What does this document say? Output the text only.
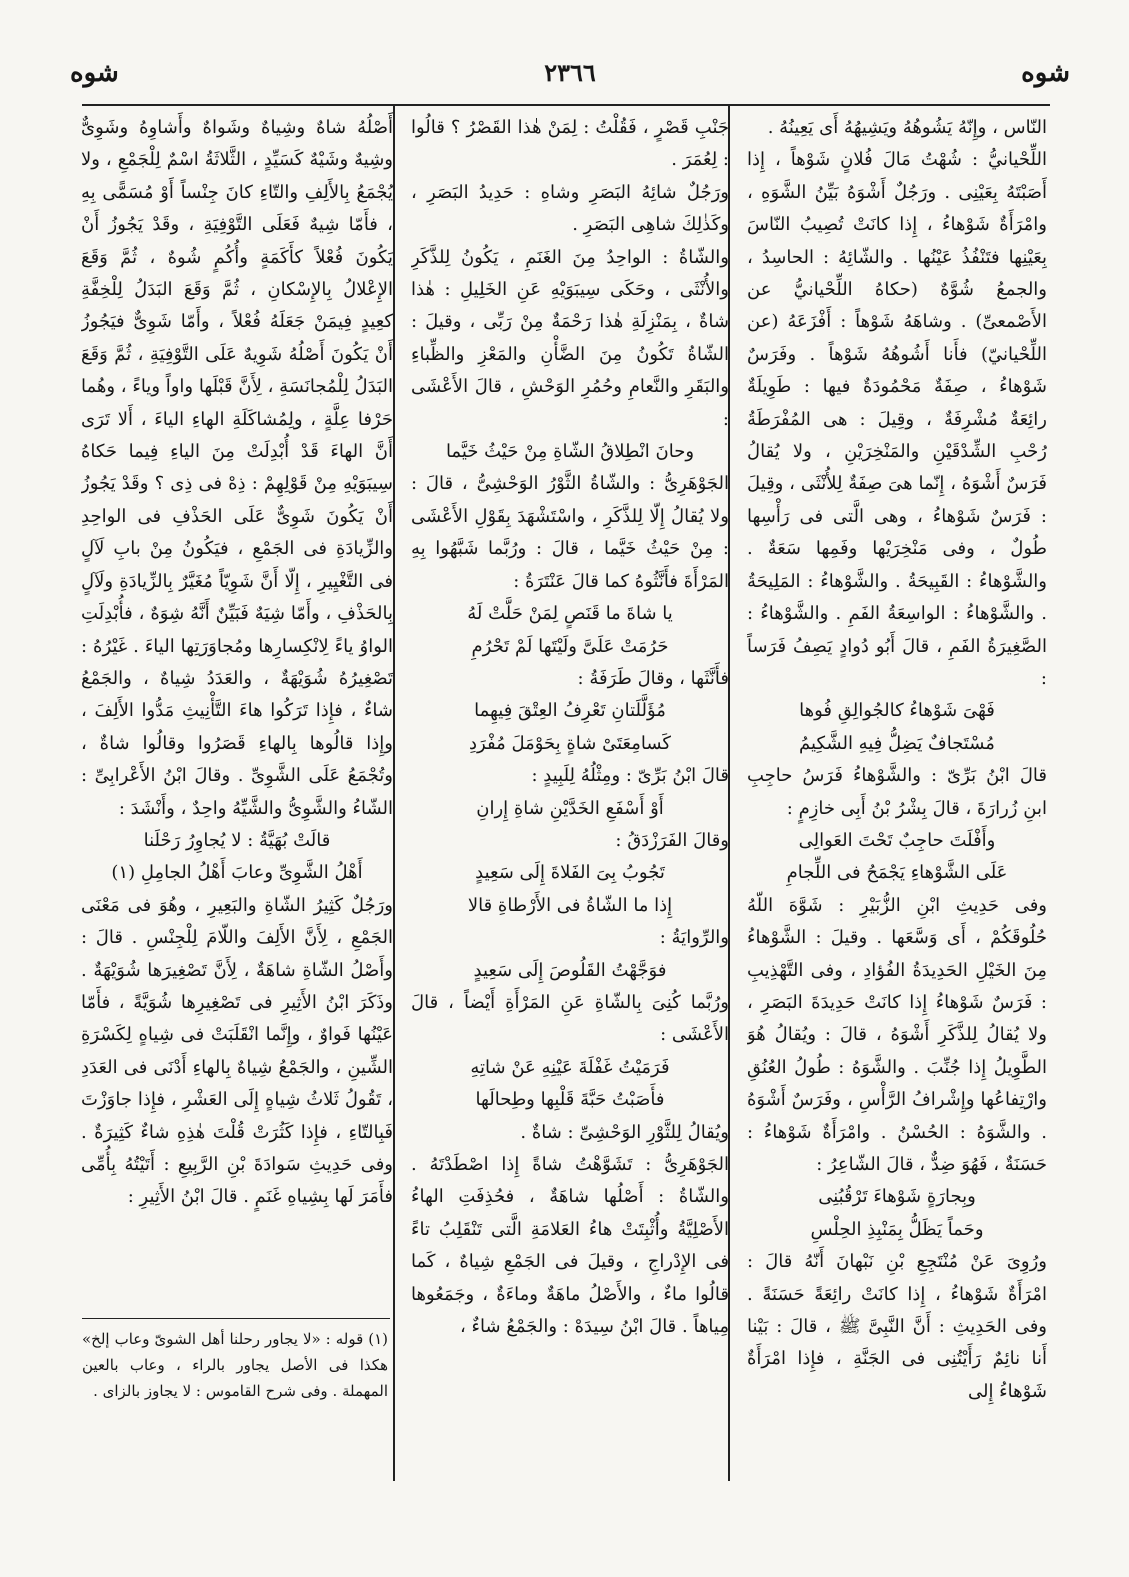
شوه
٢٣٦٦
شوه

النّاس ، وإِنّهُ يَشُوهُهُ ويَشِيهُهُ أَى يَعِينُهُ .

اللِّحْيانيُّ : شُهْتُ مَالَ فُلانٍ شَوْهاً ، إِذا أَصَبْتَهُ بِعَيْنِى . ورَجُلٌ أَشْوَهُ بَيِّنُ الشَّوَهِ ، وامْرَأَةٌ شَوْهاءُ ، إِذا كانَتْ تُصِيبُ النّاسَ بِعَيْنِها فتَنْفُذُ عَيْنُها . والشّائِهُ : الحاسِدُ ، والجمعُ شُوَّهٌ (حكاهُ اللِّحْيانيُّ عن الأَصْمعىِّ) . وشاهَهُ شَوْهاً : أَفْزَعَهُ (عن اللِّحْيانيّ) فأَنا أَشُوهُهُ شَوْهاً . وفَرَسٌ شَوْهاءُ ، صِفَةٌ مَحْمُودَةٌ فيها : طَوِيلَةٌ رائِعَةٌ مُشْرِفَةٌ ، وقِيلَ : هى المُفْرَطَةُ رُحْبِ الشِّدْقَيْنِ والمَنْخِرَيْنِ ، ولا يُقالُ فَرَسٌ أَشْوَهُ ، إِنّما هىَ صِفَةٌ لِلأُنْثَى ، وقِيلَ : فَرَسٌ شَوْهاءُ ، وهى الَّتى فى رَأْسِها طُولٌ ، وفى مَنْخِرَيْها وفَمِها سَعَةٌ . والشَّوْهاءُ : القَبِيحَةُ . والشَّوْهاءُ : المَلِيحَةُ . والشَّوْهاءُ : الواسِعَةُ الفَمِ . والشَّوْهاءُ : الصَّغِيرَةُ الفَمِ ، قالَ أَبُو دُوادٍ يَصِفُ فَرَساً :

فَهْىَ شَوْهاءُ كالجُوالِقِ فُوها

مُسْتَجافٌ يَضِلُّ فِيهِ الشَّكِيمُ

قالَ ابْنُ بَرِّىّ : والشَّوْهاءُ فَرَسُ حاجِبِ ابنِ زُرارَةَ ، قالَ بِشْرُ بْنُ أَبِى خازِمٍ :

وأَفْلَتَ حاجِبٌ تَحْتَ العَوالِى

عَلَى الشَّوْهاءِ يَجْمَحُ فى اللِّجامِ

وفى حَدِيثِ ابْنِ الزُّبَيْرِ : شَوَّهَ اللّهُ حُلُوقَكُمْ ، أَى وَسَّعَها . وقيلَ : الشَّوْهاءُ مِنَ الخَيْلِ الحَدِيدَةُ الفُؤادِ ، وفى التَّهْذِيبِ : فَرَسٌ شَوْهاءُ إِذا كانَتْ حَدِيدَةَ البَصَرِ ، ولا يُقالُ لِلذَّكَرِ أَشْوَهُ ، قالَ : ويُقالُ هُوَ الطَّوِيلُ إِذا جُنِّبَ . والشَّوَهُ : طُولُ العُنُقِ وارْتِفاعُها وإِشْرافُ الرَّأْسِ ، وفَرَسٌ أَشْوَهُ . والشَّوَهُ : الحُسْنُ . وامْرَأَةٌ شَوْهاءُ : حَسَنَةٌ ، فَهُوَ ضِدٌّ ، قالَ الشّاعِرُ :

وبِجارَةٍ شَوْهاءَ تَرْقُبُنِى

وحَماً يَظَلُّ بِمَنْبِذِ الحِلْسِ

ورُوِىَ عَنْ مُنْتَجِعِ بْنِ نَبْهانَ أَنّهُ قالَ : امْرَأَةٌ شَوْهاءُ ، إِذا كانَتْ رائِعَةً حَسَنَةً . وفى الحَدِيثِ : أَنَّ النَّبِىَّ ﷺ ، قالَ : بَيْنا أَنا نائِمٌ رَأَيْتُنِى فى الجَنَّةِ ، فإِذا امْرَأَةٌ شَوْهاءُ إِلى

جَنْبِ قَصْرٍ ، فَقُلْتُ : لِمَنْ هٰذا القَصْرُ ؟ قالُوا : لِعُمَرَ .

ورَجُلٌ شائِهُ البَصَرِ وشاهِ : حَدِيدُ البَصَرِ ، وكَذٰلِكَ شاهِى البَصَرِ .

والشّاةُ : الواحِدُ مِنَ الغَنَمِ ، يَكُونُ لِلذَّكَرِ والأُنْثَى ، وحَكَى سِيبَوَيْهِ عَنِ الخَلِيلِ : هٰذا شاةٌ ، بِمَنْزِلَةِ هٰذا رَحْمَةٌ مِنْ رَبِّى ، وقيلَ : الشّاةُ تَكُونُ مِنَ الضَّأْنِ والمَعْزِ والظِّباءِ والبَقَرِ والنَّعامِ وحُمُرِ الوَحْشِ ، قالَ الأَعْشَى :

وحانَ انْطِلاقُ الشّاةِ مِنْ حَيْثُ خَيَّما

الجَوْهَرِىُّ : والشّاةُ الثَّوْرُ الوَحْشِىُّ ، قالَ : ولا يُقالُ إِلّا لِلذَّكَرِ ، واسْتَشْهَدَ بِقَوْلِ الأَعْشَى : مِنْ حَيْثُ خَيَّما ، قالَ : ورُبَّما شَبَّهُوا بِهِ المَرْأَةَ فأَنَّثُوهُ كما قالَ عَنْتَرَةُ :

يا شاةَ ما قَنَصٍ لِمَنْ حَلَّتْ لَهُ

حَرُمَتْ عَلَىَّ ولَيْتَها لَمْ تَحْرُمِ

فأَنَّثَها ، وقالَ طَرَفَةُ :

مُؤَلَّلَتانِ تَعْرِفُ العِتْقَ فِيهِما

كَسامِعَتَىْ شاةٍ بِحَوْمَلَ مُفْرَدِ

قالَ ابْنُ بَرِّىّ : ومِثْلُهُ لِلَبِيدٍ :

أَوْ أَسْفَعِ الخَدَّيْنِ شاةِ إِرانِ

وقالَ الفَرَزْدَقُ :

تَجُوبُ بِىَ الفَلاةَ إِلَى سَعِيدٍ

إِذا ما الشّاةُ فى الأَرْطاةِ قالا

والرِّوايَةُ :

فوَجَّهْتُ القَلُوصَ إِلَى سَعِيدٍ

ورُبَّما كُنِىَ بِالشّاةِ عَنِ المَرْأَةِ أَيْضاً ، قالَ الأَعْشَى :

فَرَمَيْتُ غَفْلَةَ عَيْنِهِ عَنْ شاتِهِ

فأَصَبْتُ حَبَّةَ قَلْبِها وطِحالَها

ويُقالُ لِلثَّوْرِ الوَحْشِىِّ : شاةٌ .

الجَوْهَرِىُّ : تَشَوَّهْتُ شاةً إِذا اصْطَدْتَهُ . والشّاةُ : أَصْلُها شاهَةٌ ، فحُذِفَتِ الهاءُ الأَصْلِيَّةُ وأُثْبِتَتْ هاءُ العَلامَةِ الَّتى تَنْقَلِبُ تاءً فى الإِدْراجِ ، وقيلَ فى الجَمْعِ شِياهٌ ، كَما قالُوا ماءٌ ، والأَصْلُ ماهَةٌ وماءَةٌ ، وجَمَعُوها مِياهاً . قالَ ابْنُ سِيدَهْ : والجَمْعُ شاءٌ ،

أَصْلُهُ شاهٌ وشِياهٌ وشَواهٌ وأَشاوِهُ وشَوِىٌّ وشِيهٌ وشَيْهٌ كَسَيِّدٍ ، الثَّلاثَةُ اسْمٌ لِلْجَمْعِ ، ولا يُجْمَعُ بِالأَلِفِ والتّاءِ كانَ جِنْساً أَوْ مُسَمًّى بِهِ ، فأَمّا شِيهٌ فَعَلَى التَّوْفِيَةِ ، وقَدْ يَجُوزُ أَنْ يَكُونَ فُعْلاً كأَكَمَةٍ وأُكُمٍ شُوهٌ ، ثُمَّ وَقَعَ الإِعْلالُ بِالإِسْكانِ ، ثُمَّ وَقَعَ البَدَلُ لِلْخِفَّةِ كعِيدٍ فِيمَنْ جَعَلَهُ فُعْلاً ، وأَمّا شَوِىٌّ فيَجُوزُ أَنْ يَكُونَ أَصْلُهُ شَوِيهٌ عَلَى التَّوْفِيَةِ ، ثُمَّ وَقَعَ البَدَلُ لِلْمُجانَسَةِ ، لِأَنَّ قَبْلَها واواً وياءً ، وهُما حَرْفا عِلَّةٍ ، ولِمُشاكَلَةِ الهاءِ الياءَ ، أَلا تَرَى أَنَّ الهاءَ قَدْ أُبْدِلَتْ مِنَ الياءِ فِيما حَكاهُ سِيبَوَيْهِ مِنْ قَوْلِهِمْ : ذِهْ فى ذِى ؟ وقَدْ يَجُوزُ أَنْ يَكُونَ شَوِىٌّ عَلَى الحَذْفِ فى الواحِدِ والزِّيادَةِ فى الجَمْعِ ، فيَكُونُ مِنْ بابِ لَآلٍ فى التَّغْيِيرِ ، إِلّا أَنَّ شَوِيّاً مُغَيَّرٌ بِالزِّيادَةِ ولَآلٍ بِالحَذْفِ ، وأَمّا شِيَهٌ فَبَيِّنٌ أَنَّهُ شِوَهٌ ، فأُبْدِلَتِ الواوُ ياءً لِانْكِسارِها ومُجاوَرَتِها الياءَ . غَيْرُهُ : تَصْغِيرُهُ شُوَيْهَةٌ ، والعَدَدُ شِياهٌ ، والجَمْعُ شاءٌ ، فإِذا تَرَكُوا هاءَ التَّأْنِيثِ مَدُّوا الأَلِفَ ، وإِذا قالُوها بِالهاءِ قَصَرُوا وقالُوا شاةٌ ، وتُجْمَعُ عَلَى الشَّوِىِّ . وقالَ ابْنُ الأَعْرابِىِّ : الشّاءُ والشَّوِىُّ والشَّيِّهُ واحِدٌ ، وأَنْشَدَ :

قالَتْ بُهَيَّةُ : لا يُجاوِرُ رَحْلَنا

أَهْلُ الشَّوِىِّ وعابَ أَهْلُ الجامِلِ (١)

ورَجُلٌ كَثِيرُ الشّاةِ والبَعِيرِ ، وهُوَ فى مَعْنَى الجَمْعِ ، لِأَنَّ الأَلِفَ واللّامَ لِلْجِنْسِ . قالَ : وأَصْلُ الشّاةِ شاهَةٌ ، لِأَنَّ تَصْغِيرَها شُوَيْهَةٌ . وذَكَرَ ابْنُ الأَثِيرِ فى تَصْغِيرِها شُوَيَّةً ، فأَمّا عَيْنُها فَواوٌ ، وإِنَّما انْقَلَبَتْ فى شِياهٍ لِكَسْرَةِ الشِّينِ ، والجَمْعُ شِياهٌ بِالهاءِ أَدْنَى فى العَدَدِ ، تَقُولُ ثَلاثُ شِياهٍ إِلَى العَشْرِ ، فإِذا جاوَزْتَ فَبِالتّاءِ ، فإِذا كَثُرَتْ قُلْتَ هٰذِهِ شاءٌ كَثِيرَةٌ . وفى حَدِيثِ سَوادَةَ بْنِ الرَّبِيعِ : أَتَيْتُهُ بِأُمِّى فأَمَرَ لَها بِشِياهِ غَنَمٍ . قالَ ابْنُ الأَثِيرِ :

(١) قوله : «لا يجاور رحلنا أهل الشوىّ وعاب إلخ» هكذا فى الأصل يجاور بالراء ، وعاب بالعين المهملة . وفى شرح القاموس : لا يجاوز بالزاى .
